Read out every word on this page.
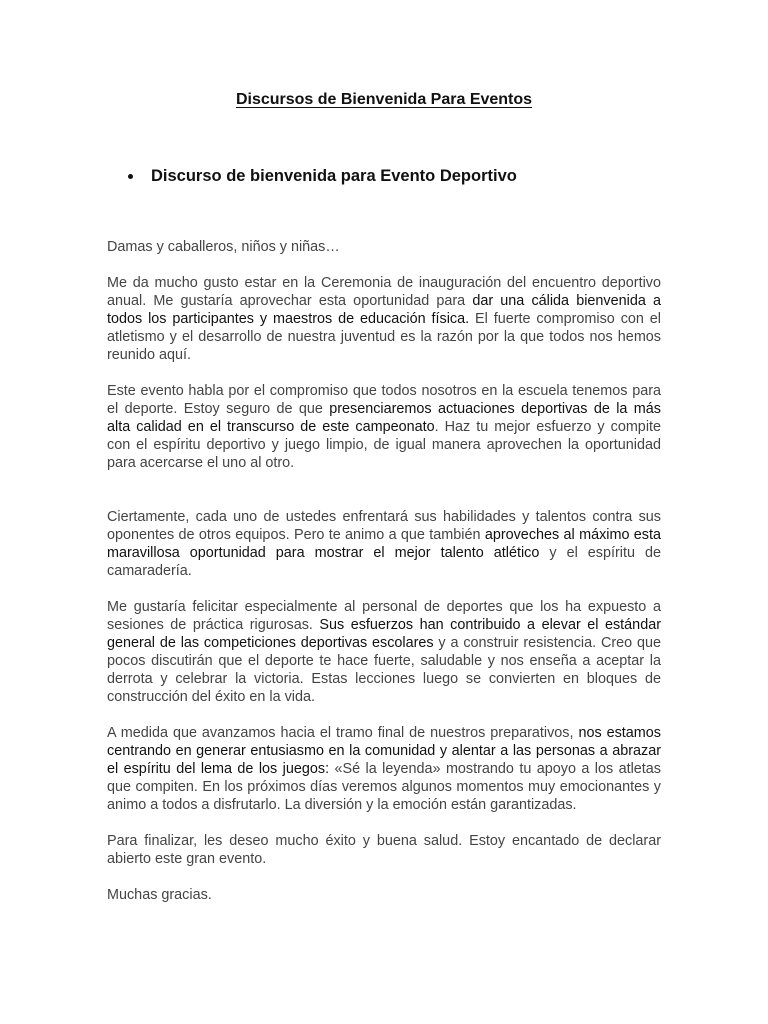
Discursos de Bienvenida Para Eventos
Discurso de bienvenida para Evento Deportivo

Damas y caballeros, niños y niñas…

Me da mucho gusto estar en la Ceremonia de inauguración del encuentro deportivo anual. Me gustaría aprovechar esta oportunidad para dar una cálida bienvenida a todos los participantes y maestros de educación física. El fuerte compromiso con el atletismo y el desarrollo de nuestra juventud es la razón por la que todos nos hemos reunido aquí.

Este evento habla por el compromiso que todos nosotros en la escuela tenemos para el deporte. Estoy seguro de que presenciaremos actuaciones deportivas de la más alta calidad en el transcurso de este campeonato. Haz tu mejor esfuerzo y compite con el espíritu deportivo y juego limpio, de igual manera aprovechen la oportunidad para acercarse el uno al otro.

Ciertamente, cada uno de ustedes enfrentará sus habilidades y talentos contra sus oponentes de otros equipos. Pero te animo a que también aproveches al máximo esta maravillosa oportunidad para mostrar el mejor talento atlético y el espíritu de camaradería.

Me gustaría felicitar especialmente al personal de deportes que los ha expuesto a sesiones de práctica rigurosas. Sus esfuerzos han contribuido a elevar el estándar general de las competiciones deportivas escolares y a construir resistencia. Creo que pocos discutirán que el deporte te hace fuerte, saludable y nos enseña a aceptar la derrota y celebrar la victoria. Estas lecciones luego se convierten en bloques de construcción del éxito en la vida.

A medida que avanzamos hacia el tramo final de nuestros preparativos, nos estamos centrando en generar entusiasmo en la comunidad y alentar a las personas a abrazar el espíritu del lema de los juegos: «Sé la leyenda» mostrando tu apoyo a los atletas que compiten. En los próximos días veremos algunos momentos muy emocionantes y animo a todos a disfrutarlo. La diversión y la emoción están garantizadas.

Para finalizar, les deseo mucho éxito y buena salud. Estoy encantado de declarar abierto este gran evento.

Muchas gracias.
